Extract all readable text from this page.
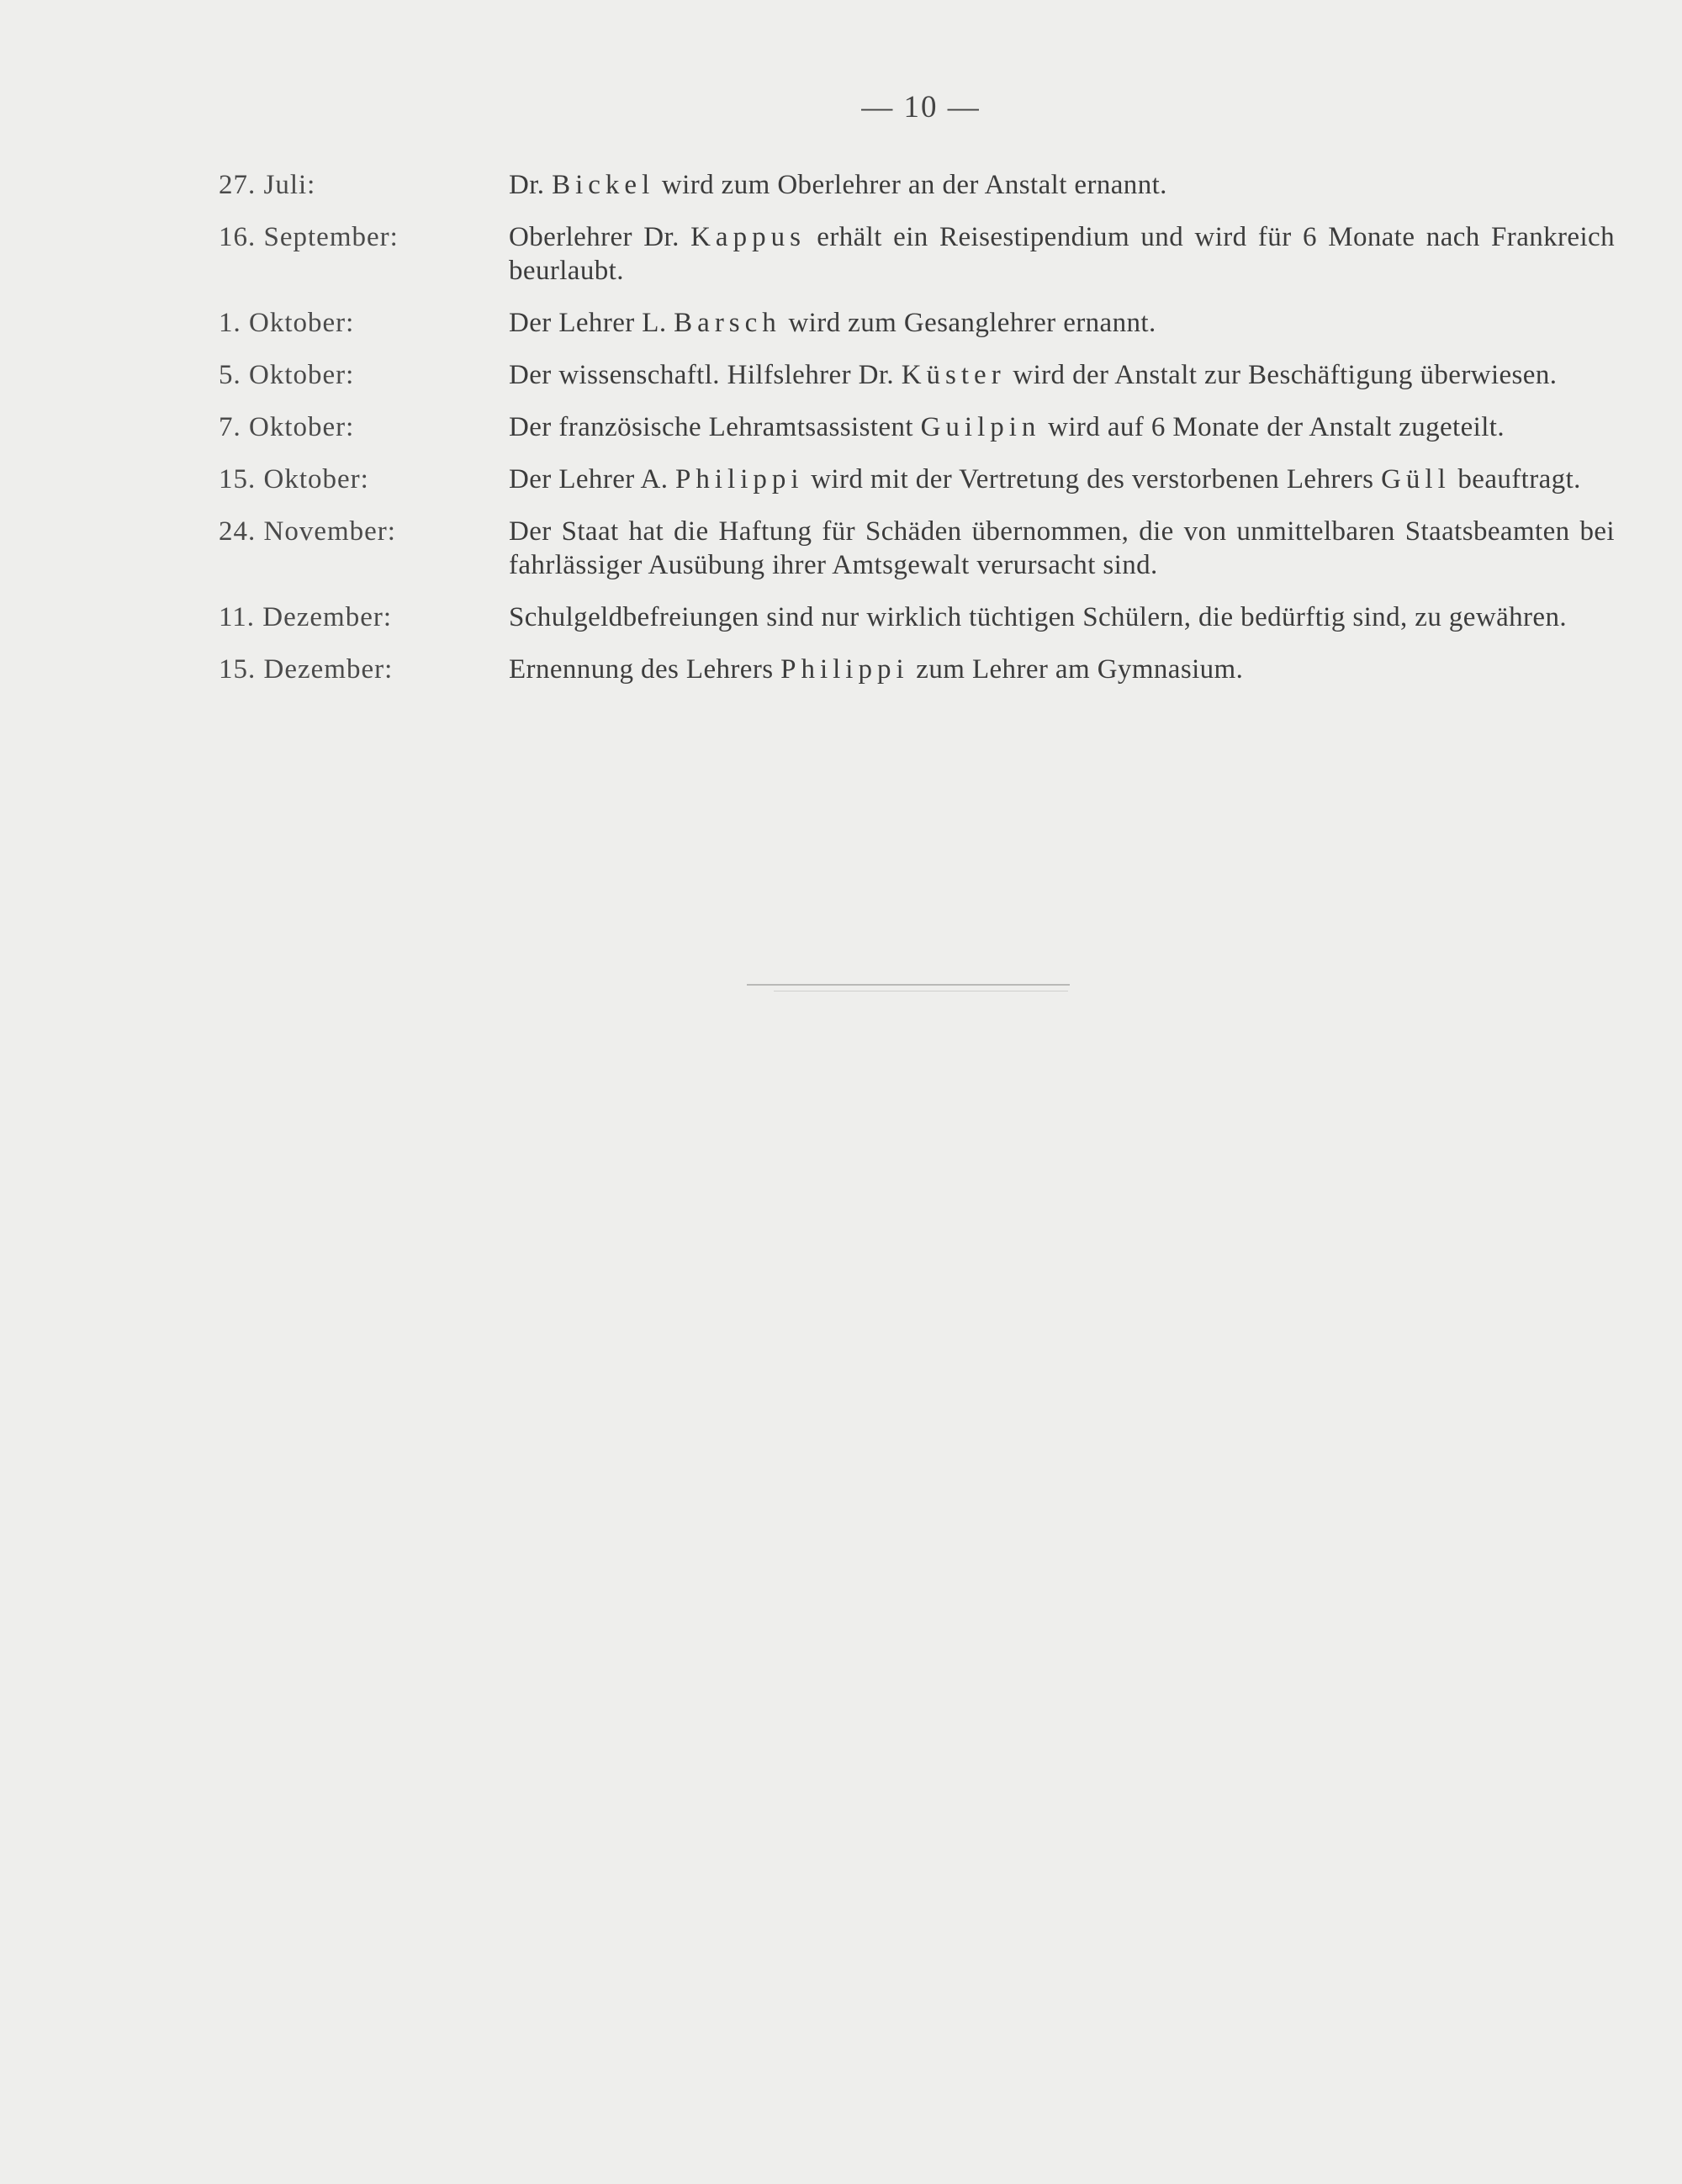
— 10 —
27. Juli:	Dr. Bickel wird zum Oberlehrer an der Anstalt ernannt.
16. September:	Oberlehrer Dr. Kappus erhält ein Reisestipendium und wird für 6 Monate nach Frankreich beurlaubt.
1. Oktober:	Der Lehrer L. Barsch wird zum Gesanglehrer ernannt.
5. Oktober:	Der wissenschaftl. Hilfslehrer Dr. Küster wird der Anstalt zur Beschäftigung überwiesen.
7. Oktober:	Der französische Lehramtsassistent Guilpin wird auf 6 Monate der Anstalt zugeteilt.
15. Oktober:	Der Lehrer A. Philippi wird mit der Vertretung des verstorbenen Lehrers Güll beauftragt.
24. November:	Der Staat hat die Haftung für Schäden übernommen, die von unmittelbaren Staatsbeamten bei fahrlässiger Ausübung ihrer Amtsgewalt verursacht sind.
11. Dezember:	Schulgeldbefreiungen sind nur wirklich tüchtigen Schülern, die bedürftig sind, zu gewähren.
15. Dezember:	Ernennung des Lehrers Philippi zum Lehrer am Gymnasium.
